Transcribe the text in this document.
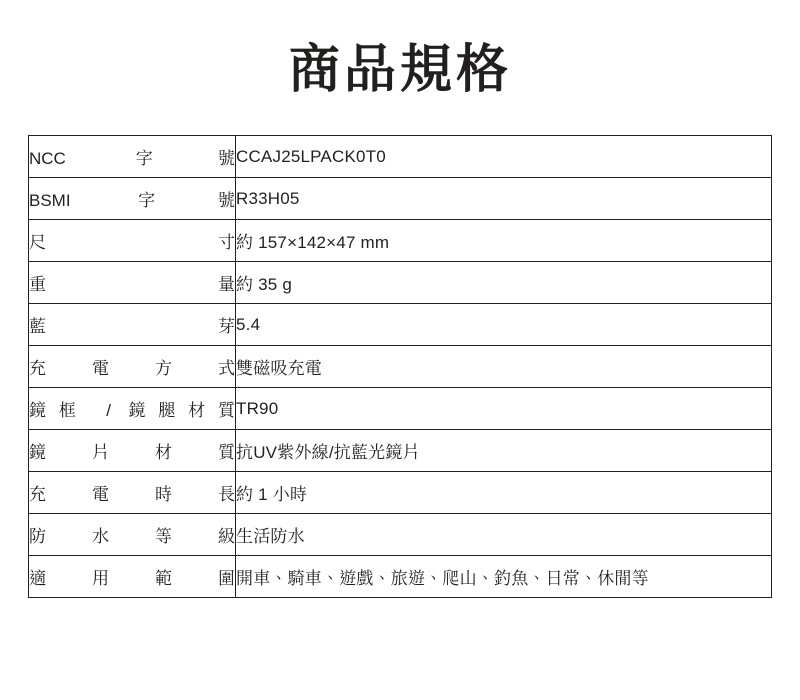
商品規格
NCC 字號	CCAJ25LPACK0T0

BSMI 字號	R33H05

尺寸	約 157×142×47 mm

重量	約 35 g

藍芽	5.4

充電方式	雙磁吸充電

鏡框 / 鏡腿材質	TR90

鏡片材質	抗UV紫外線/抗藍光鏡片

充電時長	約 1 小時

防水等級	生活防水

適用範圍	開車、騎車、遊戲、旅遊、爬山、釣魚、日常、休閒等
